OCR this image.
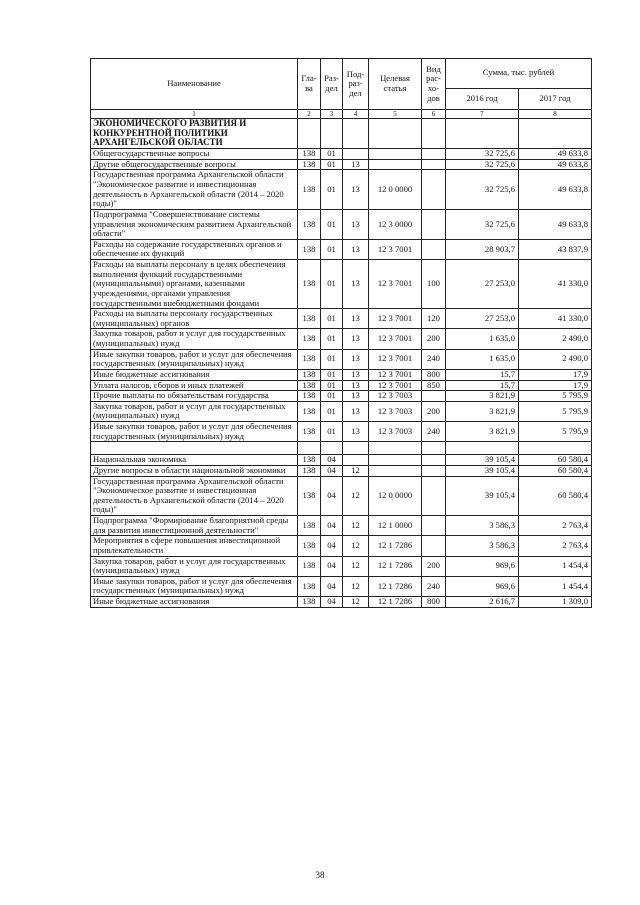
Наименование	Гла-ва	Раз-дел	Под-раз-дел	Целевая статья	Вид рас-хо-дов	Сумма, тыс. рублей	
						2016 год	2017 год
1	2	3	4	5	6	7	8
ЭКОНОМИЧЕСКОГО РАЗВИТИЯ И КОНКУРЕНТНОЙ ПОЛИТИКИ АРХАНГЕЛЬСКОЙ ОБЛАСТИ							
Общегосударственные вопросы	138	01				32 725,6	49 633,8
Другие общегосударственные вопросы	138	01	13			32 725,6	49 633,8
Государственная программа Архангельской области "Экономическое развитие и инвестиционная деятельность в Архангельской области (2014 – 2020 годы)"	138	01	13	12 0 0000		32 725,6	49 633,8
Подпрограмма "Совершенствование системы управления экономическим развитием Архангельской области"	138	01	13	12 3 0000		32 725,6	49 633,8
Расходы на содержание государственных органов и обеспечение их функций	138	01	13	12 3 7001		28 903,7	43 837,9
Расходы на выплаты персоналу в целях обеспечения выполнения функций государственными (муниципальными) органами, казенными учреждениями, органами управления государственными внебюджетными фондами	138	01	13	12 3 7001	100	27 253,0	41 330,0
Расходы на выплаты персоналу государственных (муниципальных) органов	138	01	13	12 3 7001	120	27 253,0	41 330,0
Закупка товаров, работ и услуг для государственных (муниципальных) нужд	138	01	13	12 3 7001	200	1 635,0	2 490,0
Иные закупки товаров, работ и услуг для обеспечения государственных (муниципальных) нужд	138	01	13	12 3 7001	240	1 635,0	2 490,0
Иные бюджетные ассигнования	138	01	13	12 3 7001	800	15,7	17,9
Уплата налогов, сборов и иных платежей	138	01	13	12 3 7001	850	15,7	17,9
Прочие выплаты по обязательствам государства	138	01	13	12 3 7003		3 821,9	5 795,9
Закупка товаров, работ и услуг для государственных (муниципальных) нужд	138	01	13	12 3 7003	200	3 821,9	5 795,9
Иные закупки товаров, работ и услуг для обеспечения государственных (муниципальных) нужд	138	01	13	12 3 7003	240	3 821,9	5 795,9

Национальная экономика	138	04				39 105,4	60 580,4
Другие вопросы в области национальной экономики	138	04	12			39 105,4	60 580,4
Государственная программа Архангельской области "Экономическое развитие и инвестиционная деятельность в Архангельской области (2014 – 2020 годы)"	138	04	12	12 0 0000		39 105,4	60 580,4
Подпрограмма "Формирование благоприятной среды для развития инвестиционной деятельности"	138	04	12	12 1 0000		3 586,3	2 763,4
Мероприятия в сфере повышения инвестиционной привлекательности	138	04	12	12 1 7286		3 586,3	2 763,4
Закупка товаров, работ и услуг для государственных (муниципальных) нужд	138	04	12	12 1 7286	200	969,6	1 454,4
Иные закупки товаров, работ и услуг для обеспечения государственных (муниципальных) нужд	138	04	12	12 1 7286	240	969,6	1 454,4
Иные бюджетные ассигнования	138	04	12	12 1 7286	800	2 616,7	1 309,0
38
